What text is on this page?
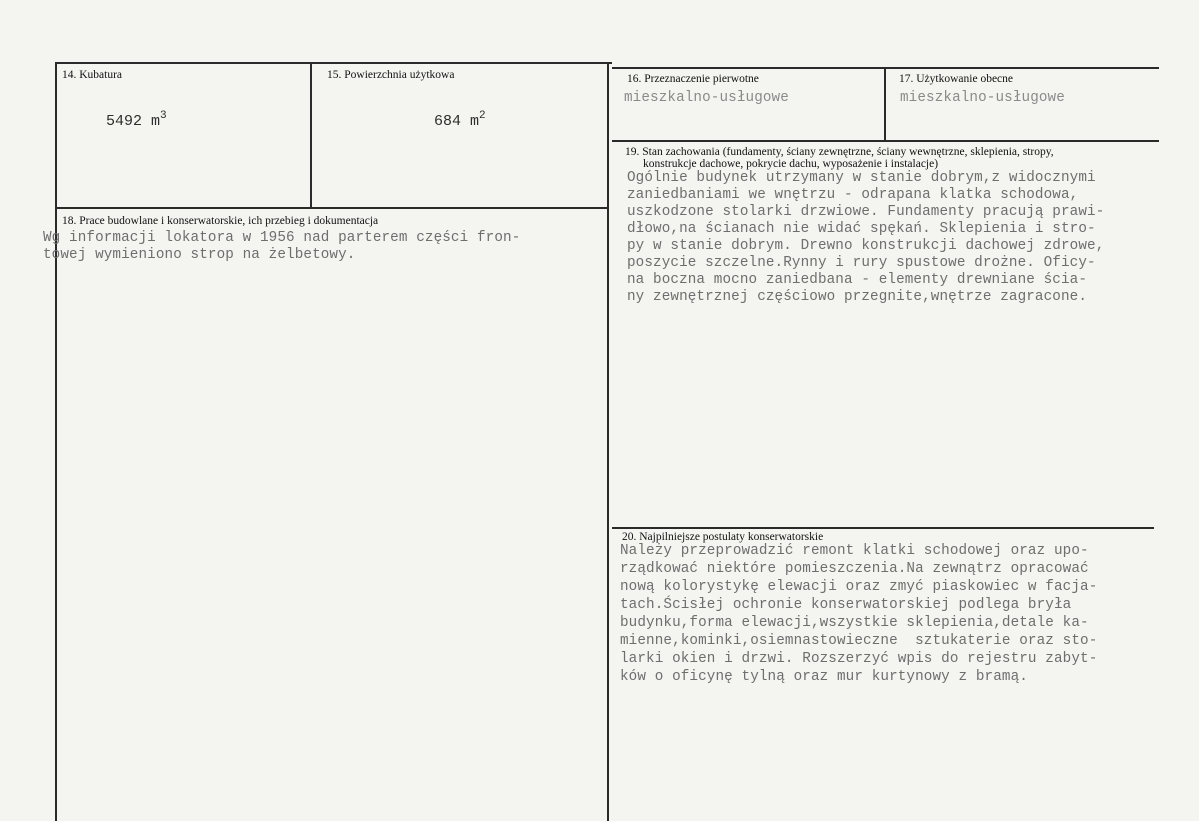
14. Kubatura
5492 $m^3$
15. Powierzchnia użytkowa
684 $m^2$
16. Przeznaczenie pierwotne
mieszkalno-usługowe
17. Użytkowanie obecne
mieszkalno-usługowe
18. Prace budowlane i konserwatorskie, ich przebieg i dokumentacja
Wg informacji lokatora w 1956 nad parterem części fron-
towej wymieniono strop na żelbetowy.
19. Stan zachowania (fundamenty, ściany zewnętrzne, ściany wewnętrzne, sklepienia, stropy,
konstrukcje dachowe, pokrycie dachu, wyposażenie i instalacje)
Ogólnie budynek utrzymany w stanie dobrym,z widocznymi
zaniedbaniami we wnętrzu - odrapana klatka schodowa,
uszkodzone stolarki drzwiowe. Fundamenty pracują prawi-
dłowo,na ścianach nie widać spękań. Sklepienia i stro-
py w stanie dobrym. Drewno konstrukcji dachowej zdrowe,
poszycie szczelne.Rynny i rury spustowe drożne. Oficy-
na boczna mocno zaniedbana - elementy drewniane ścia-
ny zewnętrznej częściowo przegnite,wnętrze zagracone.
20. Najpilniejsze postulaty konserwatorskie
Należy przeprowadzić remont klatki schodowej oraz upo-
rządkować niektóre pomieszczenia.Na zewnątrz opracować
nową kolorystykę elewacji oraz zmyć piaskowiec w facja-
tach.Ścisłej ochronie konserwatorskiej podlega bryła
budynku,forma elewacji,wszystkie sklepienia,detale ka-
mienne,kominki,osiemnastowieczne  sztukaterie oraz sto-
larki okien i drzwi. Rozszerzyć wpis do rejestru zabyt-
ków o oficynę tylną oraz mur kurtynowy z bramą.
